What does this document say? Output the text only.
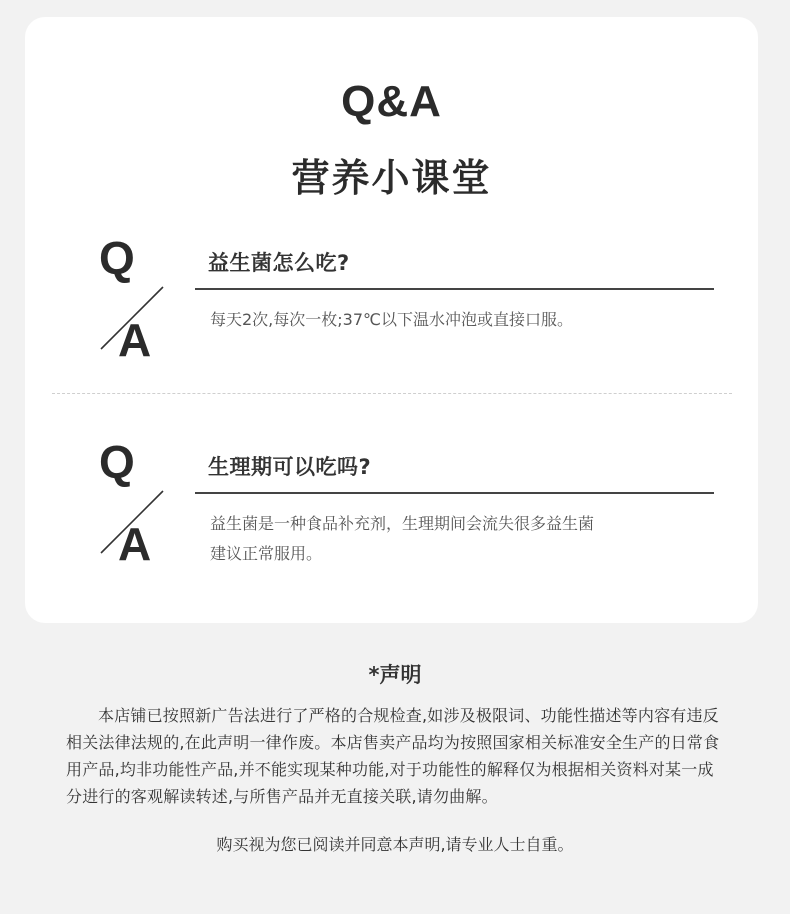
Q&A
营养小课堂
Q
A
益生菌怎么吃?
每天2次,每次一枚;37℃以下温水冲泡或直接口服。
Q
A
生理期可以吃吗?
益生菌是一种食品补充剂，生理期间会流失很多益生菌
建议正常服用。
*声明
本店铺已按照新广告法进行了严格的合规检查,如涉及极限词、功能性描述等内容有违反相关法律法规的,在此声明一律作废。本店售卖产品均为按照国家相关标准安全生产的日常食用产品,均非功能性产品,并不能实现某种功能,对于功能性的解释仅为根据相关资料对某一成分进行的客观解读转述,与所售产品并无直接关联,请勿曲解。
购买视为您已阅读并同意本声明,请专业人士自重。
